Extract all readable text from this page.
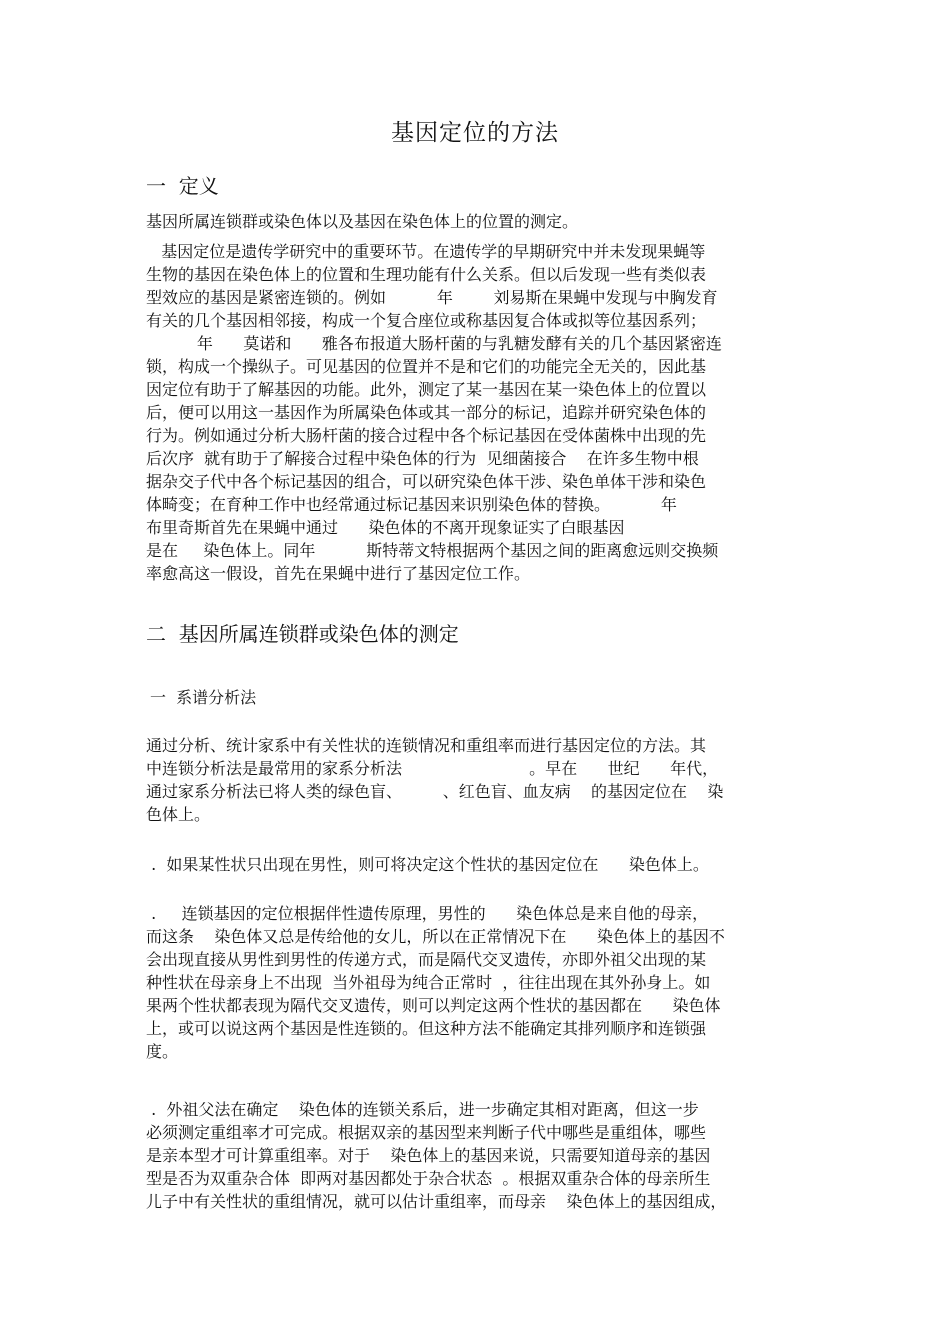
基因定位的方法
一  定义
基因所属连锁群或染色体以及基因在染色体上的位置的测定。
基因定位是遗传学研究中的重要环节。在遗传学的早期研究中并未发现果蝇等
生物的基因在染色体上的位置和生理功能有什么关系。但以后发现一些有类似表
型效应的基因是紧密连锁的。例如          年        刘易斯在果蝇中发现与中胸发育
有关的几个基因相邻接，构成一个复合座位或称基因复合体或拟等位基因系列；
年      莫诺和      雅各布报道大肠杆菌的与乳糖发酵有关的几个基因紧密连
锁，构成一个操纵子。可见基因的位置并不是和它们的功能完全无关的，因此基
因定位有助于了解基因的功能。此外，测定了某一基因在某一染色体上的位置以
后，便可以用这一基因作为所属染色体或其一部分的标记，追踪并研究染色体的
行为。例如通过分析大肠杆菌的接合过程中各个标记基因在受体菌株中出现的先
后次序  就有助于了解接合过程中染色体的行为  见细菌接合    在许多生物中根
据杂交子代中各个标记基因的组合，可以研究染色体干涉、染色单体干涉和染色
体畸变；在育种工作中也经常通过标记基因来识别染色体的替换。          年
布里奇斯首先在果蝇中通过      染色体的不离开现象证实了白眼基因
是在     染色体上。同年          斯特蒂文特根据两个基因之间的距离愈远则交换频
率愈高这一假设，首先在果蝇中进行了基因定位工作。
二  基因所属连锁群或染色体的测定
一  系谱分析法
通过分析、统计家系中有关性状的连锁情况和重组率而进行基因定位的方法。其
中连锁分析法是最常用的家系分析法                         。早在      世纪      年代，
通过家系分析法已将人类的绿色盲、        、红色盲、血友病    的基因定位在    染
色体上。
.  如果某性状只出现在男性，则可将决定这个性状的基因定位在      染色体上。
.     连锁基因的定位根据伴性遗传原理，男性的      染色体总是来自他的母亲，
而这条    染色体又总是传给他的女儿，所以在正常情况下在      染色体上的基因不
会出现直接从男性到男性的传递方式，而是隔代交叉遗传，亦即外祖父出现的某
种性状在母亲身上不出现  当外祖母为纯合正常时  ，往往出现在其外孙身上。如
果两个性状都表现为隔代交叉遗传，则可以判定这两个性状的基因都在      染色体
上，或可以说这两个基因是性连锁的。但这种方法不能确定其排列顺序和连锁强
度。
.  外祖父法在确定    染色体的连锁关系后，进一步确定其相对距离，但这一步
必须测定重组率才可完成。根据双亲的基因型来判断子代中哪些是重组体，哪些
是亲本型才可计算重组率。对于    染色体上的基因来说，只需要知道母亲的基因
型是否为双重杂合体  即两对基因都处于杂合状态  。根据双重杂合体的母亲所生
儿子中有关性状的重组情况，就可以估计重组率，而母亲    染色体上的基因组成，
